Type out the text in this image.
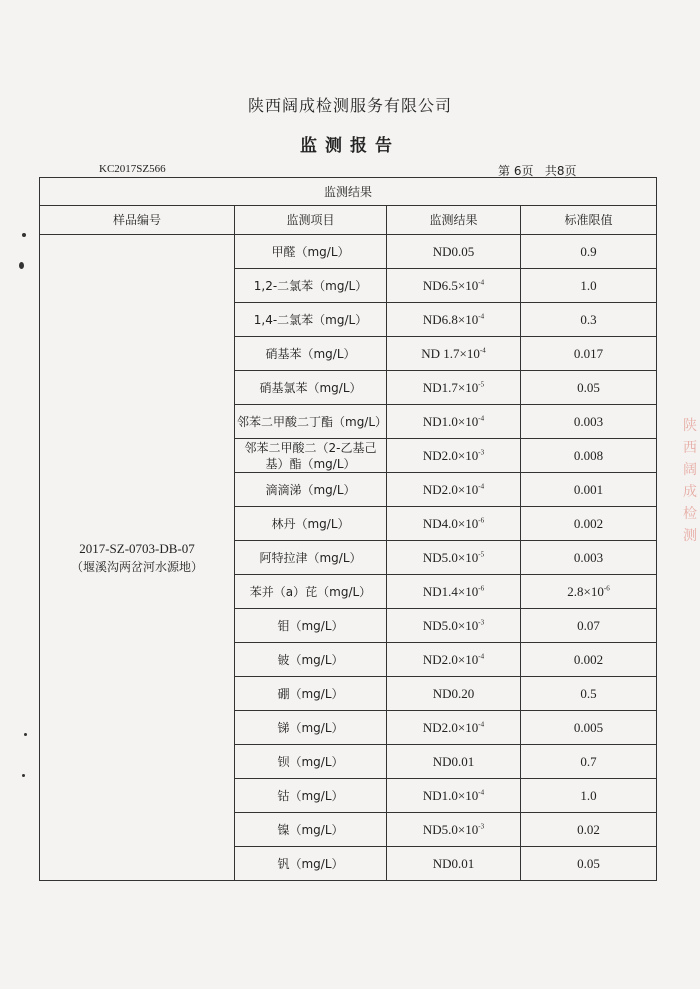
陕西阔成检测服务有限公司
监测报告
KC2017SZ566	第 6页   共8页
监测结果			
样品编号	监测项目	监测结果	标准限值

2017-SZ-0703-DB-07
（堰溪沟两岔河水源地）	甲醛（mg/L）	ND0.05	0.9
	1,2-二氯苯（mg/L）	$ND6.5\times 10^{-4}$	1.0
	1,4-二氯苯（mg/L）	$ND6.8\times 10^{-4}$	0.3
	硝基苯（mg/L）	ND $1.7\times 10^{-4}$	0.017
	硝基氯苯（mg/L）	$ND1.7\times 10^{-5}$	0.05
	邻苯二甲酸二丁酯（mg/L）	$ND1.0\times 10^{-4}$	0.003
	邻苯二甲酸二（2-乙基己基）酯（mg/L）	$ND2.0\times 10^{-3}$	0.008
	滴滴涕（mg/L）	$ND2.0\times 10^{-4}$	0.001
	林丹（mg/L）	$ND4.0\times 10^{-6}$	0.002
	阿特拉津（mg/L）	$ND5.0\times 10^{-5}$	0.003
	苯并（a）芘（mg/L）	$ND1.4\times 10^{-6}$	$2.8\times 10^{-6}$
	钼（mg/L）	$ND5.0\times 10^{-3}$	0.07
	铍（mg/L）	$ND2.0\times 10^{-4}$	0.002
	硼（mg/L）	ND0.20	0.5
	锑（mg/L）	$ND2.0\times 10^{-4}$	0.005
	钡（mg/L）	ND0.01	0.7
	钴（mg/L）	$ND1.0\times 10^{-4}$	1.0
	镍（mg/L）	$ND5.0\times 10^{-3}$	0.02
	钒（mg/L）	ND0.01	0.05
陕
西
阔
成
检
测
